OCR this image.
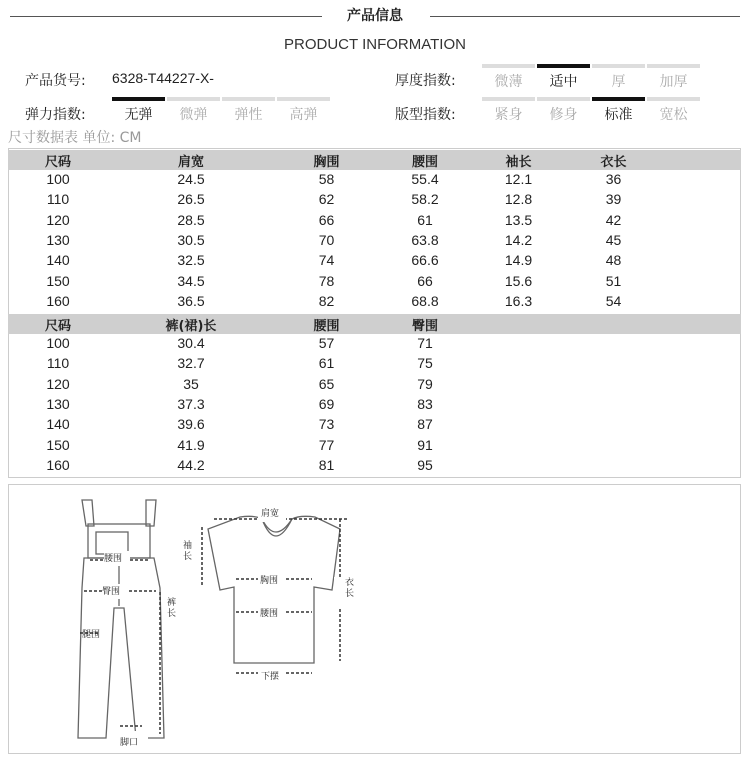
产品信息
PRODUCT INFORMATION
产品货号: 6328-T44227-X-	厚度指数:	微薄	适中	厚	加厚
弹力指数:	无弹	微弹	弹性	高弹	版型指数:	紧身	修身	标准	宽松
尺寸数据表 单位: CM
尺码	肩宽	胸围	腰围	袖长	衣长
100	24.5	58	55.4	12.1	36
110	26.5	62	58.2	12.8	39
120	28.5	66	61	13.5	42
130	30.5	70	63.8	14.2	45
140	32.5	74	66.6	14.9	48
150	34.5	78	66	15.6	51
160	36.5	82	68.8	16.3	54
尺码	裤(裙)长	腰围	臀围
100	30.4	57	71
110	32.7	61	75
120	35	65	79
130	37.3	69	83
140	39.6	73	87
150	41.9	77	91
160	44.2	81	95
腰围
臀围
裤长
腿围
脚口
肩宽
袖长
胸围
腰围
衣长
下摆
